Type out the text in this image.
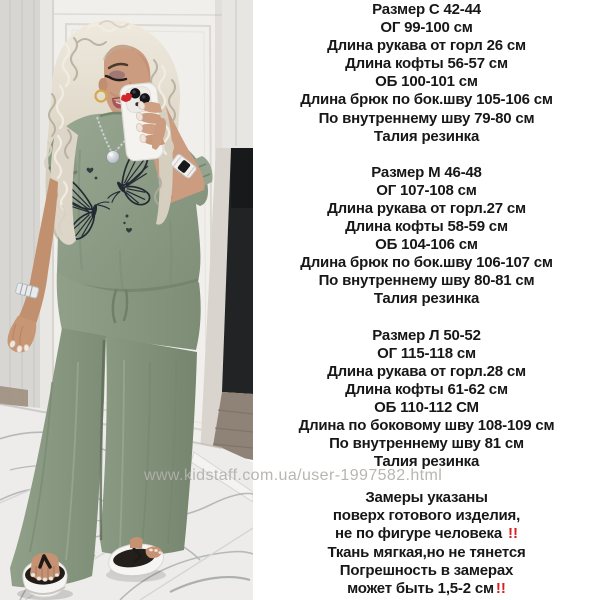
Размер С 42-44
ОГ 99-100 см
Длина рукава от горл 26 см
Длина кофты 56-57 см
ОБ 100-101 см
Длина брюк по бок.шву 105-106 см
По внутреннему шву 79-80 см
Талия резинка
Размер М 46-48
ОГ 107-108 см
Длина рукава от горл.27 см
Длина кофты 58-59 см
ОБ 104-106 см
Длина брюк по бок.шву 106-107 см
По внутреннему шву 80-81 см
Талия резинка
Размер Л 50-52
ОГ 115-118 см
Длина рукава от горл.28 см
Длина кофты 61-62 см
ОБ 110-112 СМ
Длина по боковому шву 108-109 см
По внутреннему шву 81 см
Талия резинка
Замеры указаны
поверх готового изделия,
не по фигуре человека !!
Ткань мягкая,но не тянется
Погрешность в замерах
может быть 1,5-2 см !!
www.kidstaff.com.ua/user-1997582.html
